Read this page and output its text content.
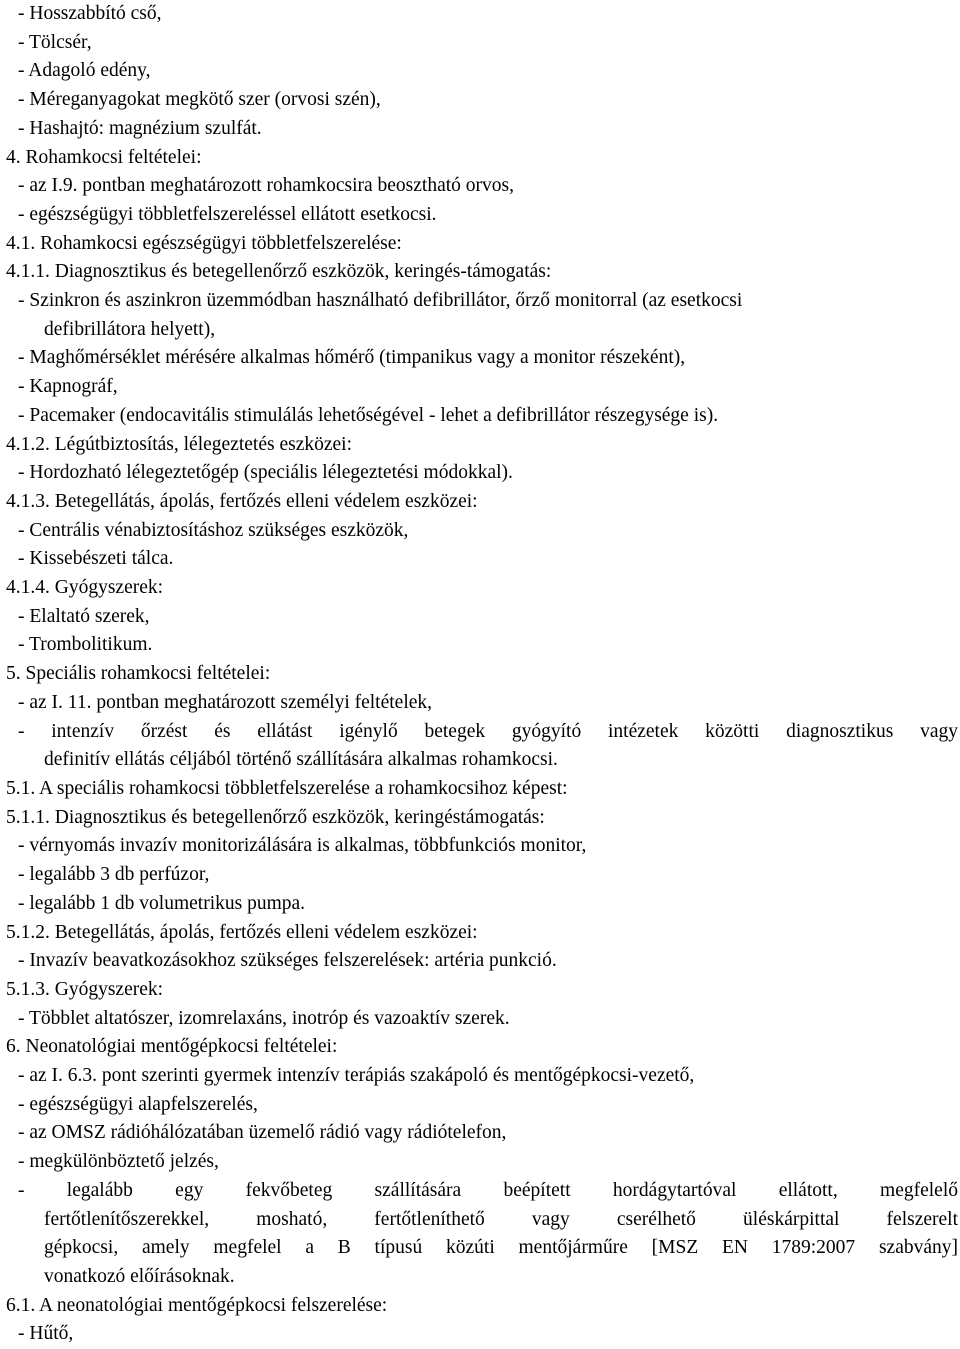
- Hosszabbító cső,
- Tölcsér,
- Adagoló edény,
- Méreganyagokat megkötő szer (orvosi szén),
- Hashajtó: magnézium szulfát.
4. Rohamkocsi feltételei:
- az I.9. pontban meghatározott rohamkocsira beosztható orvos,
- egészségügyi többletfelszereléssel ellátott esetkocsi.
4.1. Rohamkocsi egészségügyi többletfelszerelése:
4.1.1. Diagnosztikus és betegellenőrző eszközök, keringés-támogatás:
- Szinkron és aszinkron üzemmódban használható defibrillátor, őrző monitorral (az esetkocsi
defibrillátora helyett),
- Maghőmérséklet mérésére alkalmas hőmérő (timpanikus vagy a monitor részeként),
- Kapnográf,
- Pacemaker (endocavitális stimulálás lehetőségével - lehet a defibrillátor részegysége is).
4.1.2. Légútbiztosítás, lélegeztetés eszközei:
- Hordozható lélegeztetőgép (speciális lélegeztetési módokkal).
4.1.3. Betegellátás, ápolás, fertőzés elleni védelem eszközei:
- Centrális vénabiztosításhoz szükséges eszközök,
- Kissebészeti tálca.
4.1.4. Gyógyszerek:
- Elaltató szerek,
- Trombolitikum.
5. Speciális rohamkocsi feltételei:
- az I. 11. pontban meghatározott személyi feltételek,
- intenzív őrzést és ellátást igénylő betegek gyógyító intézetek közötti diagnosztikus vagy
definitív ellátás céljából történő szállítására alkalmas rohamkocsi.
5.1. A speciális rohamkocsi többletfelszerelése a rohamkocsihoz képest:
5.1.1. Diagnosztikus és betegellenőrző eszközök, keringéstámogatás:
- vérnyomás invazív monitorizálására is alkalmas, többfunkciós monitor,
- legalább 3 db perfúzor,
- legalább 1 db volumetrikus pumpa.
5.1.2. Betegellátás, ápolás, fertőzés elleni védelem eszközei:
- Invazív beavatkozásokhoz szükséges felszerelések: artéria punkció.
5.1.3. Gyógyszerek:
- Többlet altatószer, izomrelaxáns, inotróp és vazoaktív szerek.
6. Neonatológiai mentőgépkocsi feltételei:
- az I. 6.3. pont szerinti gyermek intenzív terápiás szakápoló és mentőgépkocsi-vezető,
- egészségügyi alapfelszerelés,
- az OMSZ rádióhálózatában üzemelő rádió vagy rádiótelefon,
- megkülönböztető jelzés,
- legalább egy fekvőbeteg szállítására beépített hordágytartóval ellátott, megfelelő
fertőtlenítőszerekkel, mosható, fertőtleníthető vagy cserélhető üléskárpittal felszerelt
gépkocsi, amely megfelel a B típusú közúti mentőjárműre [MSZ EN 1789:2007 szabvány]
vonatkozó előírásoknak.
6.1. A neonatológiai mentőgépkocsi felszerelése:
- Hűtő,
